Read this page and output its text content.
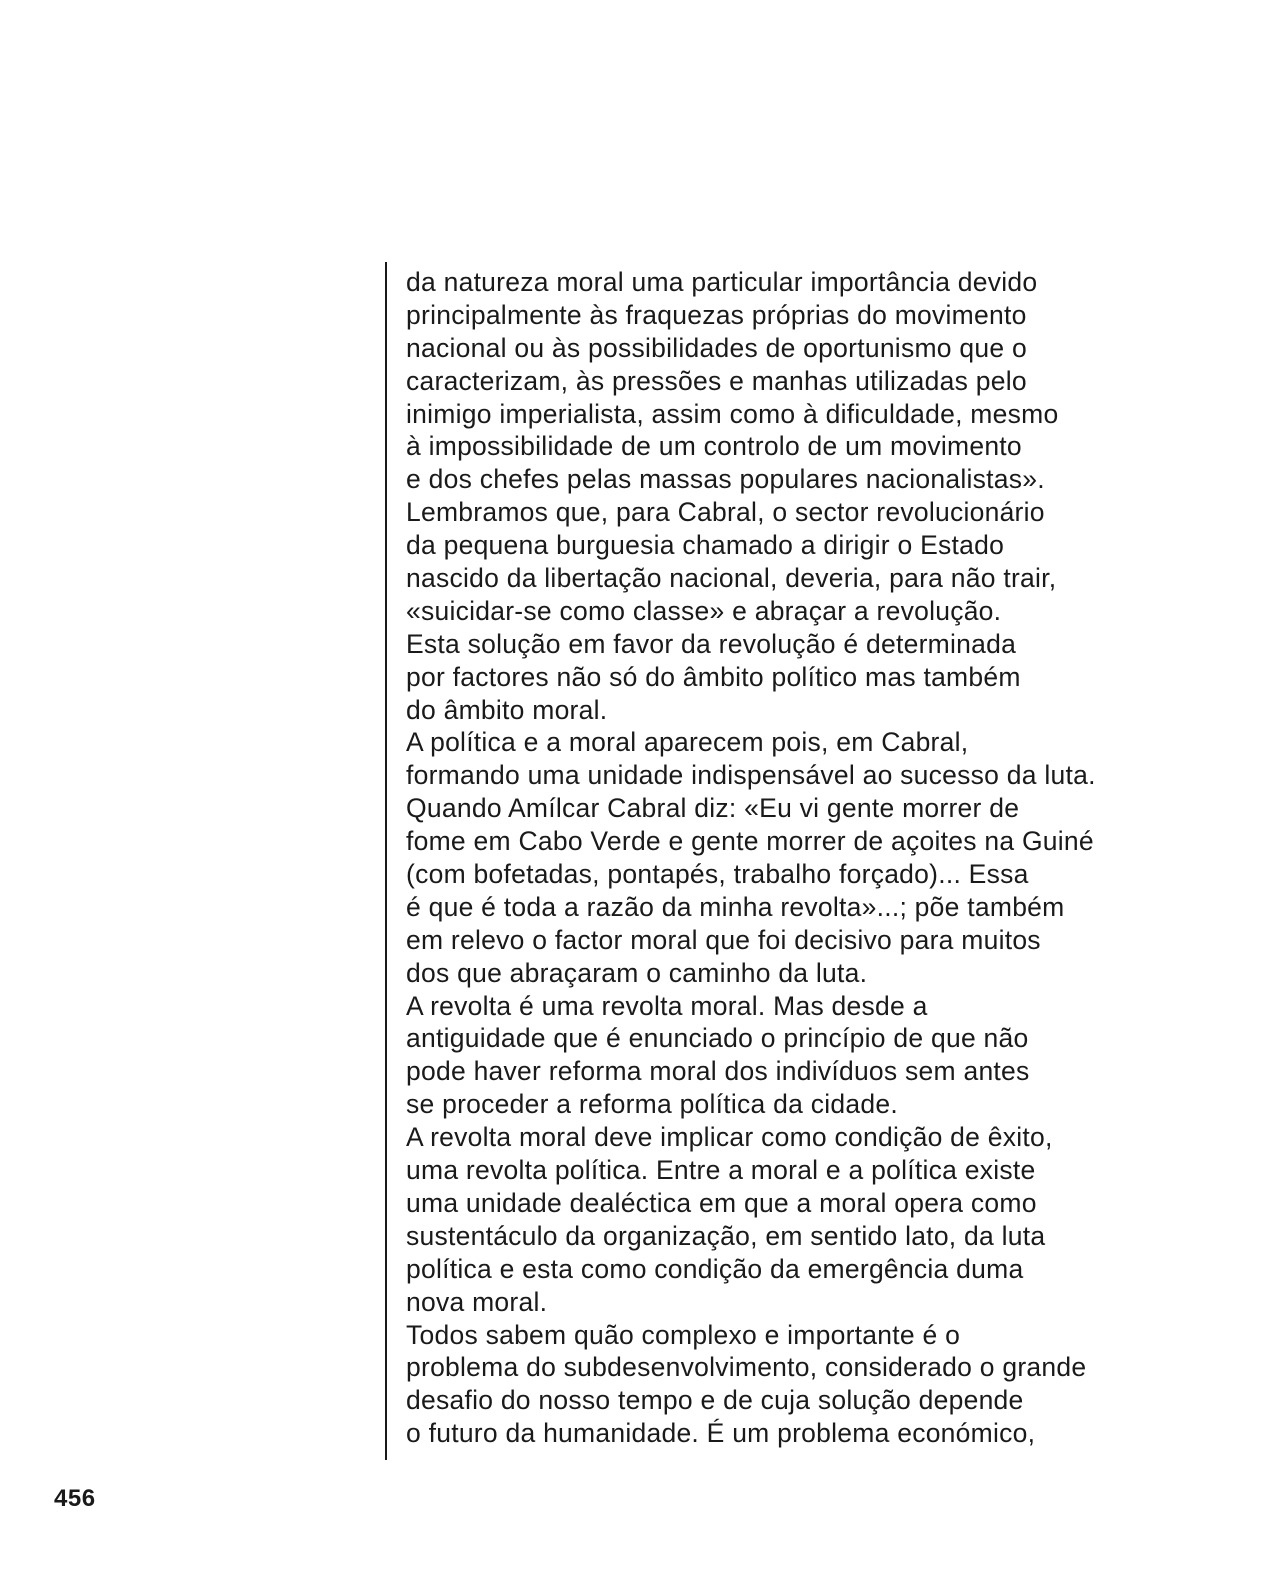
da natureza moral uma particular importância devido
principalmente às fraquezas próprias do movimento
nacional ou às possibilidades de oportunismo que o
caracterizam, às pressões e manhas utilizadas pelo
inimigo imperialista, assim como à dificuldade, mesmo
à impossibilidade de um controlo de um movimento
e dos chefes pelas massas populares nacionalistas».
Lembramos que, para Cabral, o sector revolucionário
da pequena burguesia chamado a dirigir o Estado
nascido da libertação nacional, deveria, para não trair,
«suicidar-se como classe» e abraçar a revolução.
Esta solução em favor da revolução é determinada
por factores não só do âmbito político mas também
do âmbito moral.
A política e a moral aparecem pois, em Cabral,
formando uma unidade indispensável ao sucesso da luta.
Quando Amílcar Cabral diz: «Eu vi gente morrer de
fome em Cabo Verde e gente morrer de açoites na Guiné
(com bofetadas, pontapés, trabalho forçado)... Essa
é que é toda a razão da minha revolta»...; põe também
em relevo o factor moral que foi decisivo para muitos
dos que abraçaram o caminho da luta.
A revolta é uma revolta moral. Mas desde a
antiguidade que é enunciado o princípio de que não
pode haver reforma moral dos indivíduos sem antes
se proceder a reforma política da cidade.
A revolta moral deve implicar como condição de êxito,
uma revolta política. Entre a moral e a política existe
uma unidade dealéctica em que a moral opera como
sustentáculo da organização, em sentido lato, da luta
política e esta como condição da emergência duma
nova moral.
Todos sabem quão complexo e importante é o
problema do subdesenvolvimento, considerado o grande
desafio do nosso tempo e de cuja solução depende
o futuro da humanidade. É um problema económico,
456
